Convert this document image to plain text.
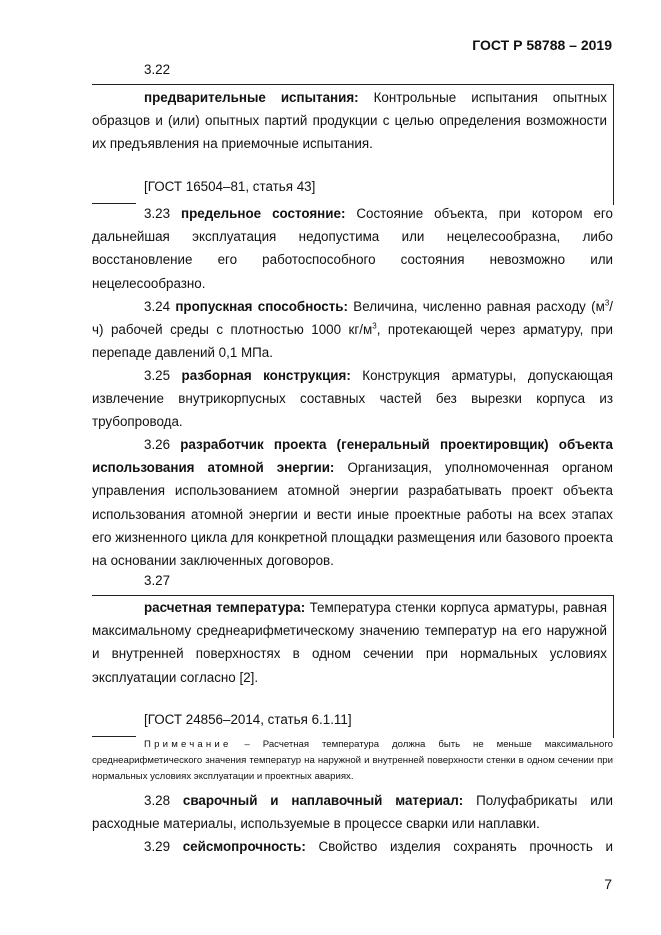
ГОСТ Р 58788 – 2019
3.22

предварительные испытания: Контрольные испытания опытных образцов и (или) опытных партий продукции с целью определения возможности их предъявления на приемочные испытания.

[ГОСТ 16504–81, статья 43]

3.23 предельное состояние: Состояние объекта, при котором его дальнейшая эксплуатация недопустима или нецелесообразна, либо восстановление его работоспособного состояния невозможно или нецелесообразно.

3.24 пропускная способность: Величина, численно равная расходу $(м^3/ч)$ рабочей среды с плотностью 1000 $кг/м^3$, протекающей через арматуру, при перепаде давлений 0,1 МПа.

3.25 разборная конструкция: Конструкция арматуры, допускающая извлечение внутрикорпусных составных частей без вырезки корпуса из трубопровода.

3.26 разработчик проекта (генеральный проектировщик) объекта использования атомной энергии: Организация, уполномоченная органом управления использованием атомной энергии разрабатывать проект объекта использования атомной энергии и вести иные проектные работы на всех этапах его жизненного цикла для конкретной площадки размещения или базового проекта на основании заключенных договоров.

3.27

расчетная температура: Температура стенки корпуса арматуры, равная максимальному среднеарифметическому значению температур на его наружной и внутренней поверхностях в одном сечении при нормальных условиях эксплуатации согласно [2].

[ГОСТ 24856–2014, статья 6.1.11]

Примечание – Расчетная температура должна быть не меньше максимального среднеарифметического значения температур на наружной и внутренней поверхности стенки в одном сечении при нормальных условиях эксплуатации и проектных авариях.

3.28 сварочный и наплавочный материал: Полуфабрикаты или расходные материалы, используемые в процессе сварки или наплавки.

3.29 сейсмопрочность: Свойство изделия сохранять прочность и

7
